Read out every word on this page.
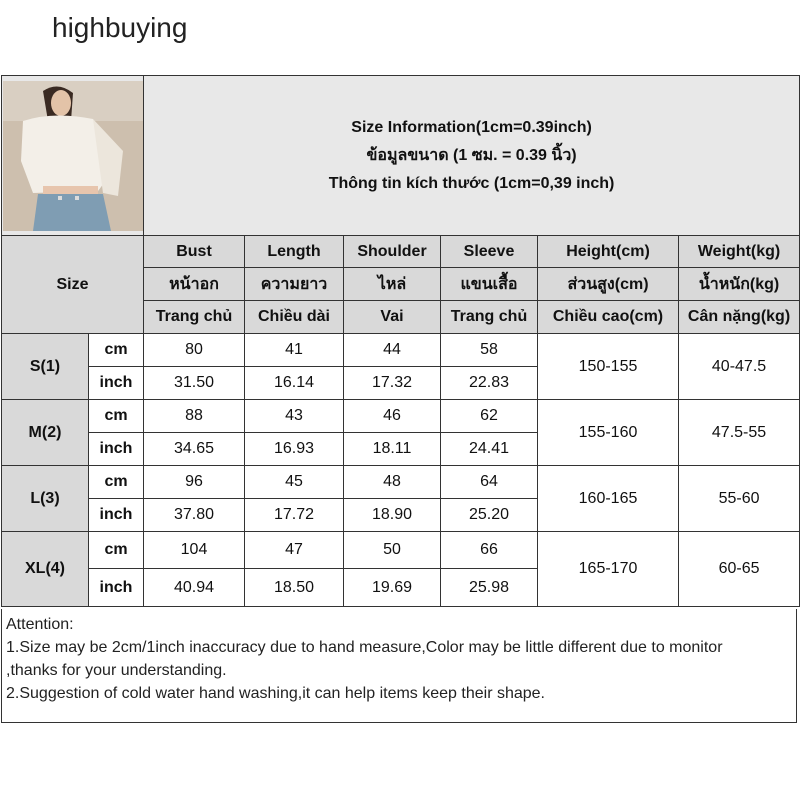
highbuying

Size Information(1cm=0.39inch)
ข้อมูลขนาด (1 ซม. = 0.39 นิ้ว)
Thông tin kích thước (1cm=0,39 inch)					

Size		Bust	Length	Shoulder	Sleeve	Height(cm)	Weight(kg)
		หน้าอก	ความยาว	ไหล่	แขนเสื้อ	ส่วนสูง(cm)	น้ำหนัก(kg)
		Trang chủ	Chiều dài	Vai	Trang chủ	Chiều cao(cm)	Cân nặng(kg)
S(1)	cm	80	41	44	58	150-155	40-47.5
	inch	31.50	16.14	17.32	22.83		
M(2)	cm	88	43	46	62	155-160	47.5-55
	inch	34.65	16.93	18.11	24.41		
L(3)	cm	96	45	48	64	160-165	55-60
	inch	37.80	17.72	18.90	25.20		
XL(4)	cm	104	47	50	66	165-170	60-65
	inch	40.94	18.50	19.69	25.98		
Attention:
1.Size may be 2cm/1inch inaccuracy due to hand measure,Color may be little different due to monitor
,thanks for your understanding.
2.Suggestion of cold water hand washing,it can help items keep their shape.
